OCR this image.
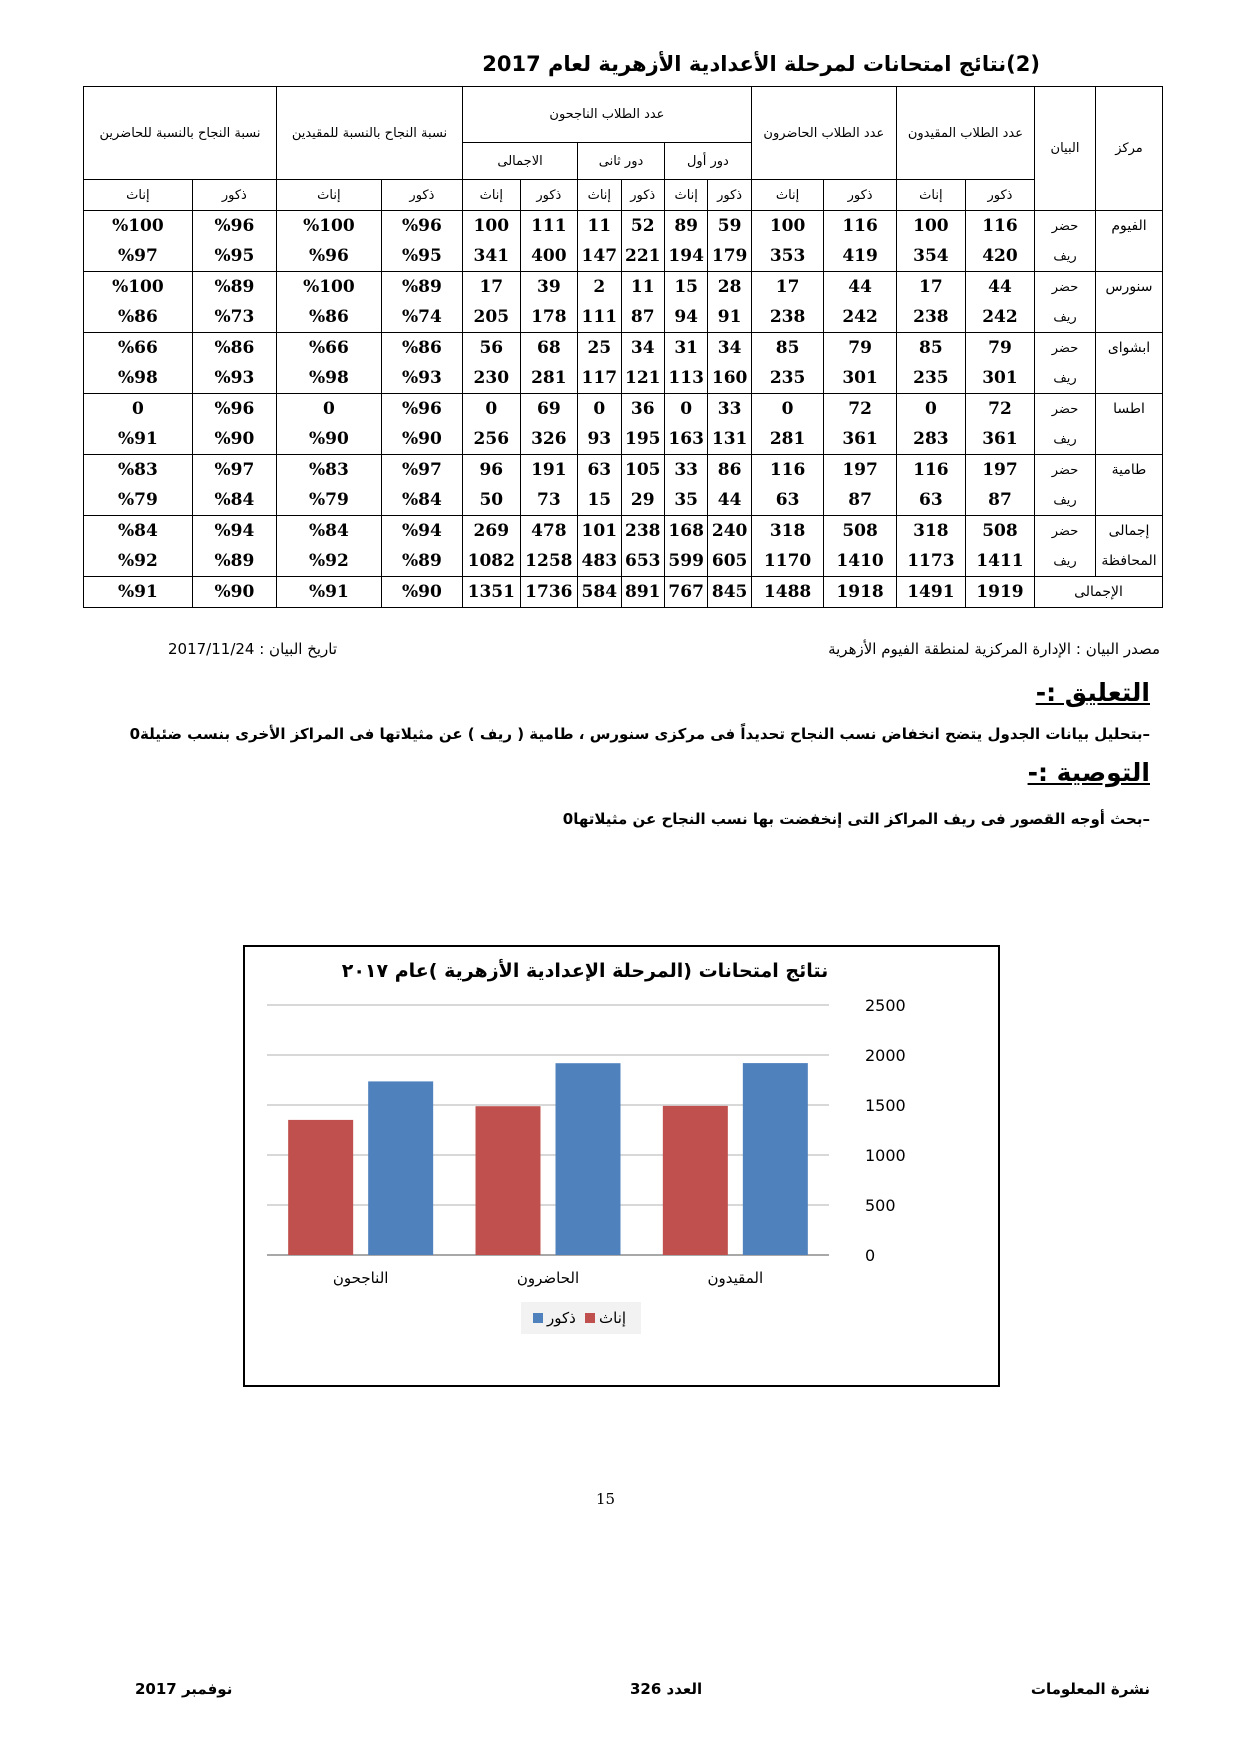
(2)نتائج امتحانات لمرحلة الأعدادية الأزهرية لعام 2017
مركز	البيان	عدد الطلاب المقيدون		عدد الطلاب الحاضرون		عدد الطلاب الناجحون						نسبة النجاح بالنسبة للمقيدين		نسبة النجاح بالنسبة للحاضرين	
						دور أول		دور ثانى		الاجمالى					
		ذكور	إناث	ذكور	إناث	ذكور	إناث	ذكور	إناث	ذكور	إناث	ذكور	إناث	ذكور	إناث
الفيوم	حضر	116	100	116	100	59	89	52	11	111	100	%96	%100	%96	%100
	ريف	420	354	419	353	179	194	221	147	400	341	%95	%96	%95	%97
سنورس	حضر	44	17	44	17	28	15	11	2	39	17	%89	%100	%89	%100
	ريف	242	238	242	238	91	94	87	111	178	205	%74	%86	%73	%86
ابشواى	حضر	79	85	79	85	34	31	34	25	68	56	%86	%66	%86	%66
	ريف	301	235	301	235	160	113	121	117	281	230	%93	%98	%93	%98
اطسا	حضر	72	0	72	0	33	0	36	0	69	0	%96	0	%96	0
	ريف	361	283	361	281	131	163	195	93	326	256	%90	%90	%90	%91
طامية	حضر	197	116	197	116	86	33	105	63	191	96	%97	%83	%97	%83
	ريف	87	63	87	63	44	35	29	15	73	50	%84	%79	%84	%79
إجمالى	حضر	508	318	508	318	240	168	238	101	478	269	%94	%84	%94	%84
المحافظة	ريف	1411	1173	1410	1170	605	599	653	483	1258	1082	%89	%92	%89	%92
الإجمالى		1919	1491	1918	1488	845	767	891	584	1736	1351	%90	%91	%90	%91
مصدر البيان : الإدارة المركزية لمنطقة الفيوم الأزهرية
تاريخ البيان : 2017/11/24
التعليق :-
–بتحليل بيانات الجدول يتضح انخفاض نسب النجاح تحديداً فى مركزى سنورس ، طامية ( ريف ) عن مثيلاتها فى المراكز الأخرى بنسب ضئيلة0
التوصية :-
–بحث أوجه القصور فى ريف المراكز التى إنخفضت بها نسب النجاح عن مثيلاتها0
نتائج امتحانات (المرحلة الإعدادية الأزهرية )عام ٢٠١٧
0
500
1000
1500
2000
2500
الناجحون	الحاضرون	المقيدون
ذكور إناث
15
نوفمبر 2017	العدد 326	نشرة المعلومات
